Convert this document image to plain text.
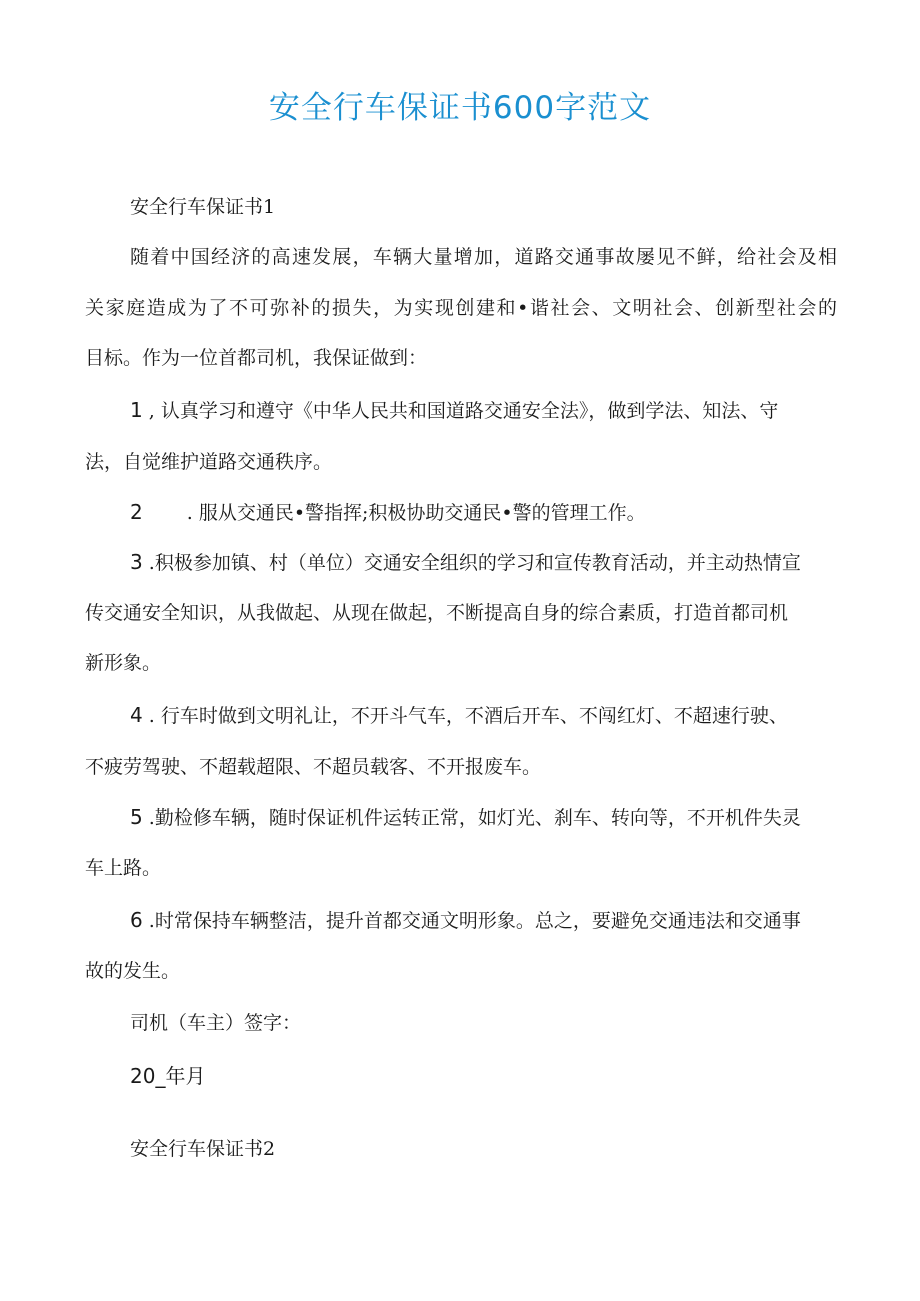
安全行车保证书600字范文

安全行车保证书1

随着中国经济的高速发展，车辆大量增加，道路交通事故屡见不鲜，给社会及相

关家庭造成为了不可弥补的损失，为实现创建和•谐社会、文明社会、创新型社会的

目标。作为一位首都司机，我保证做到：

1 , 认真学习和遵守《中华人民共和国道路交通安全法》，做到学法、知法、守

法，自觉维护道路交通秩序。

2 . 服从交通民•警指挥;积极协助交通民•警的管理工作。

3 .积极参加镇、村（单位）交通安全组织的学习和宣传教育活动，并主动热情宣

传交通安全知识，从我做起、从现在做起，不断提高自身的综合素质，打造首都司机

新形象。

4 . 行车时做到文明礼让，不开斗气车，不酒后开车、不闯红灯、不超速行驶、

不疲劳驾驶、不超载超限、不超员载客、不开报废车。

5 .勤检修车辆，随时保证机件运转正常，如灯光、刹车、转向等，不开机件失灵

车上路。

6 .时常保持车辆整洁，提升首都交通文明形象。总之，要避免交通违法和交通事

故的发生。

司机（车主）签字：

20_年月

安全行车保证书2
